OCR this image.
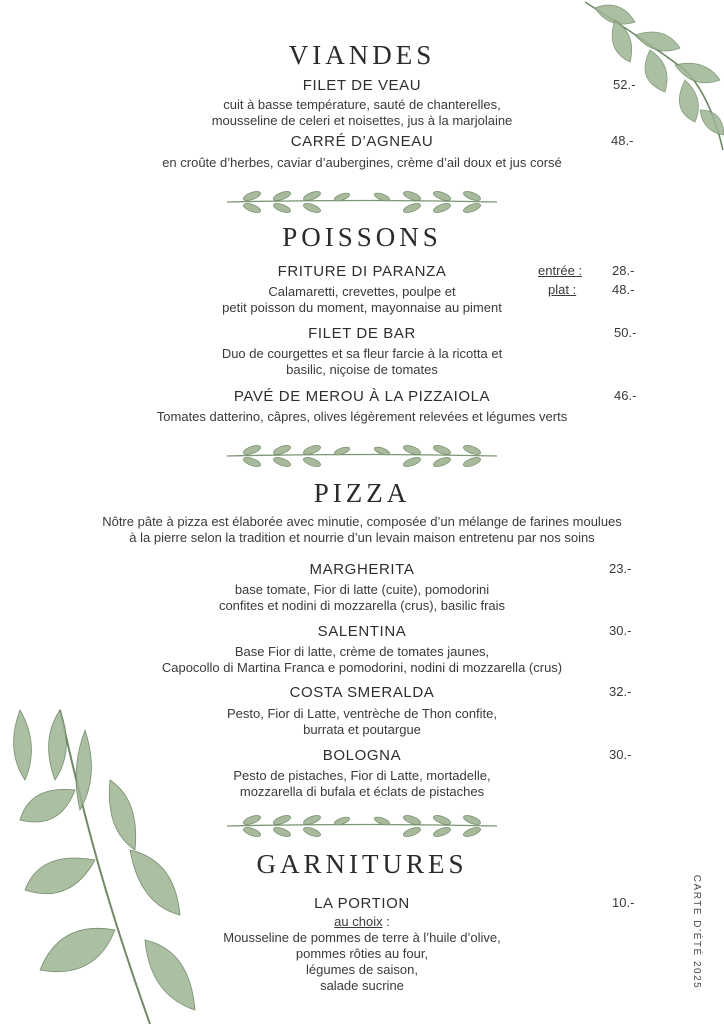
VIANDES
FILET DE VEAU	52.-
cuit à basse température, sauté de chanterelles,
mousseline de celeri et noisettes, jus à la marjolaine
CARRÉ D’AGNEAU	48.-
en croûte d’herbes, caviar d’aubergines, crème d’ail doux et jus corsé
POISSONS
FRITURE DI PARANZA	entrée : 28.-
plat :	48.-
Calamaretti, crevettes, poulpe et
petit poisson du moment, mayonnaise au piment
FILET DE BAR	50.-
Duo de courgettes et sa fleur farcie à la ricotta et
basilic, niçoise de tomates
PAVÉ DE MEROU À LA PIZZAIOLA	46.-
Tomates datterino, câpres, olives légèrement relevées et légumes verts
PIZZA
Nôtre pâte à pizza est élaborée avec minutie, composée d’un mélange de farines moulues
à la pierre selon la tradition et nourrie d’un levain maison entretenu par nos soins
MARGHERITA	23.-
base tomate, Fior di latte (cuite), pomodorini
confites et nodini di mozzarella (crus), basilic frais
SALENTINA	30.-
Base Fior di latte, crème de tomates jaunes,
Capocollo di Martina Franca e pomodorini, nodini di mozzarella (crus)
COSTA SMERALDA	32.-
Pesto, Fior di Latte, ventrèche de Thon confite,
burrata et poutargue
BOLOGNA	30.-
Pesto de pistaches, Fior di Latte, mortadelle,
mozzarella di bufala et éclats de pistaches
GARNITURES
LA PORTION	10.-
au choix :
Mousseline de pommes de terre à l’huile d’olive,
pommes rôties au four,
légumes de saison,
salade sucrine	CARTE D’ÉTÉ 2025
